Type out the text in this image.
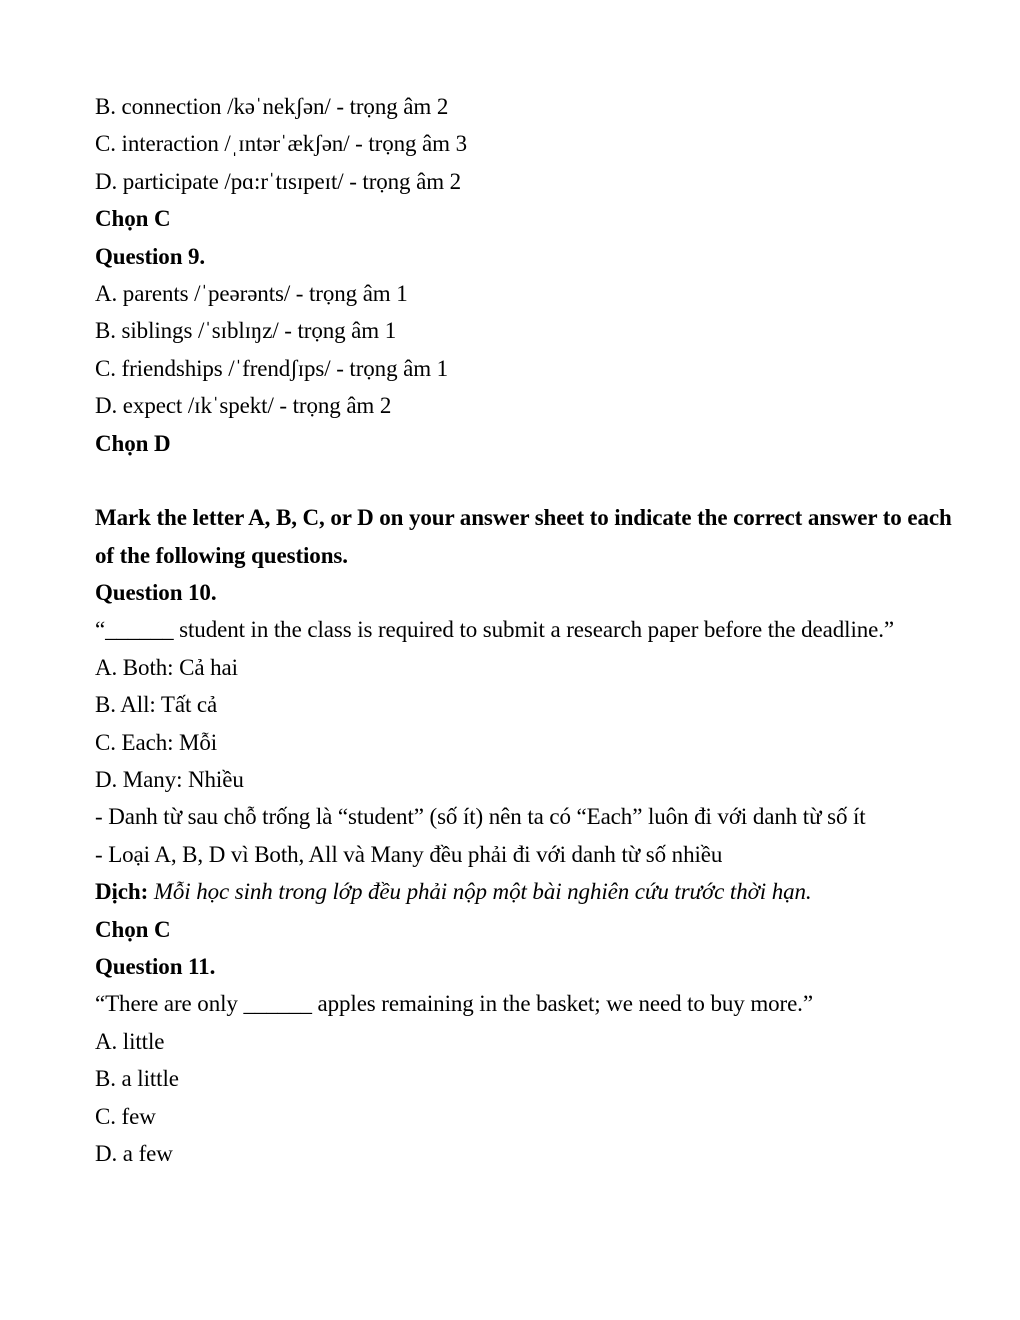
B. connection /kəˈnekʃən/ - trọng âm 2
C. interaction /ˌɪntərˈækʃən/ - trọng âm 3
D. participate /pɑ:rˈtɪsɪpeɪt/ - trọng âm 2
Chọn C
Question 9.
A. parents /ˈpeərənts/ - trọng âm 1
B. siblings /ˈsɪblɪŋz/ - trọng âm 1
C. friendships /ˈfrendʃɪps/ - trọng âm 1
D. expect /ɪkˈspekt/ - trọng âm 2
Chọn D
Mark the letter A, B, C, or D on your answer sheet to indicate the correct answer to each
of the following questions.
Question 10.
“______ student in the class is required to submit a research paper before the deadline.”
A. Both: Cả hai
B. All: Tất cả
C. Each: Mỗi
D. Many: Nhiều
- Danh từ sau chỗ trống là “student” (số ít) nên ta có “Each” luôn đi với danh từ số ít
- Loại A, B, D vì Both, All và Many đều phải đi với danh từ số nhiều
Dịch: Mỗi học sinh trong lớp đều phải nộp một bài nghiên cứu trước thời hạn.
Chọn C
Question 11.
“There are only ______ apples remaining in the basket; we need to buy more.”
A. little
B. a little
C. few
D. a few
